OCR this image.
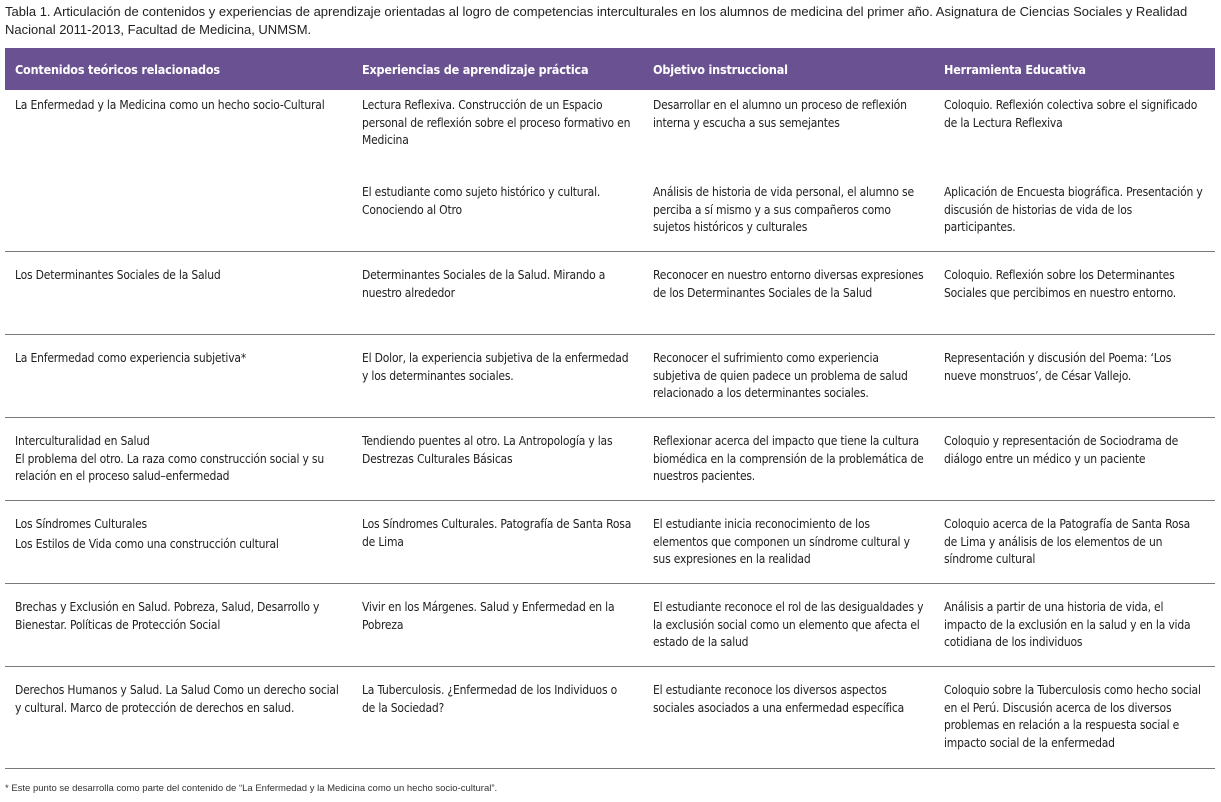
Tabla 1. Articulación de contenidos y experiencias de aprendizaje orientadas al logro de competencias interculturales en los alumnos de medicina del primer año. Asignatura de Ciencias Sociales y Realidad Nacional 2011-2013, Facultad de Medicina, UNMSM.
Contenidos teóricos relacionados	Experiencias de aprendizaje práctica	Objetivo instruccional	Herramienta Educativa

La Enfermedad y la Medicina como un hecho socio-Cultural	Lectura Reflexiva. Construcción de un Espacio personal de reflexión sobre el proceso formativo en Medicina	Desarrollar en el alumno un proceso de reflexión interna y escucha a sus semejantes	Coloquio. Reflexión colectiva sobre el significado de la Lectura Reflexiva
	El estudiante como sujeto histórico y cultural. Conociendo al Otro	Análisis de historia de vida personal, el alumno se perciba a sí mismo y a sus compañeros como sujetos históricos y culturales	Aplicación de Encuesta biográfica. Presentación y discusión de historias de vida de los participantes.
Los Determinantes Sociales de la Salud	Determinantes Sociales de la Salud. Mirando a nuestro alrededor	Reconocer en nuestro entorno diversas expresiones de los Determinantes Sociales de la Salud	Coloquio. Reflexión sobre los Determinantes Sociales que percibimos en nuestro entorno.
La Enfermedad como experiencia subjetiva*	El Dolor, la experiencia subjetiva de la enfermedad y los determinantes sociales.	Reconocer el sufrimiento como experiencia subjetiva de quien padece un problema de salud relacionado a los determinantes sociales.	Representación y discusión del Poema: ‘Los nueve monstruos’, de César Vallejo.

Interculturalidad en Salud
El problema del otro. La raza como construcción social y su relación en el proceso salud–enfermedad	Tendiendo puentes al otro. La Antropología y las Destrezas Culturales Básicas	Reflexionar acerca del impacto que tiene la cultura biomédica en la comprensión de la problemática de nuestros pacientes.	Coloquio y representación de Sociodrama de diálogo entre un médico y un paciente

Los Síndromes Culturales
Los Estilos de Vida como una construcción cultural	Los Síndromes Culturales. Patografía de Santa Rosa de Lima	El estudiante inicia reconocimiento de los elementos que componen un síndrome cultural y sus expresiones en la realidad	Coloquio acerca de la Patografía de Santa Rosa de Lima y análisis de los elementos de un síndrome cultural
Brechas y Exclusión en Salud. Pobreza, Salud, Desarrollo y Bienestar. Políticas de Protección Social	Vivir en los Márgenes. Salud y Enfermedad en la Pobreza	El estudiante reconoce el rol de las desigualdades y la exclusión social como un elemento que afecta el estado de la salud	Análisis a partir de una historia de vida, el impacto de la exclusión en la salud y en la vida cotidiana de los individuos
Derechos Humanos y Salud. La Salud Como un derecho social y cultural. Marco de protección de derechos en salud.	La Tuberculosis. ¿Enfermedad de los Individuos o de la Sociedad?	El estudiante reconoce los diversos aspectos sociales asociados a una enfermedad específica	Coloquio sobre la Tuberculosis como hecho social en el Perú. Discusión acerca de los diversos problemas en relación a la respuesta social e impacto social de la enfermedad
* Este punto se desarrolla como parte del contenido de “La Enfermedad y la Medicina como un hecho socio-cultural”.
